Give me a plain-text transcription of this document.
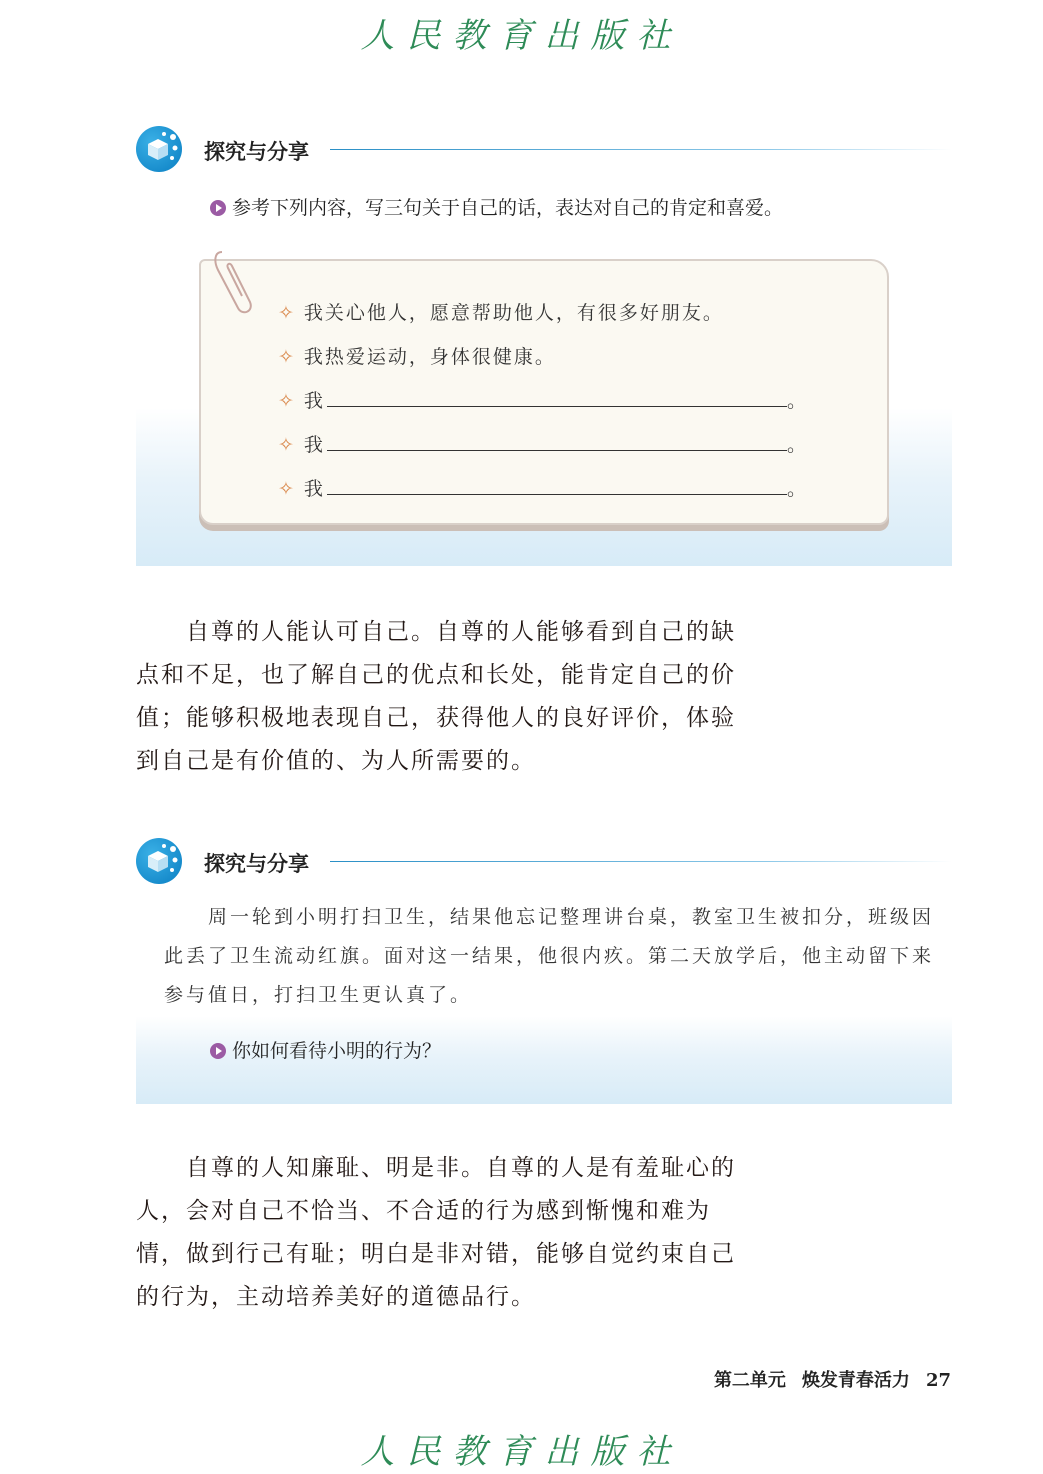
人民教育出版社
探究与分享
参考下列内容，写三句关于自己的话，表达对自己的肯定和喜爱。
✧ 我关心他人，愿意帮助他人，有很多好朋友。
✧ 我热爱运动，身体很健康。
✧ 我	。
✧ 我	。
✧ 我	。
自尊的人能认可自己。自尊的人能够看到自己的缺点和不足，也了解自己的优点和长处，能肯定自己的价值；能够积极地表现自己，获得他人的良好评价，体验到自己是有价值的、为人所需要的。
探究与分享
周一轮到小明打扫卫生，结果他忘记整理讲台桌，教室卫生被扣分，班级因此丢了卫生流动红旗。面对这一结果，他很内疚。第二天放学后，他主动留下来参与值日，打扫卫生更认真了。
你如何看待小明的行为？
自尊的人知廉耻、明是非。自尊的人是有羞耻心的人，会对自己不恰当、不合适的行为感到惭愧和难为情，做到行己有耻；明白是非对错，能够自觉约束自己的行为，主动培养美好的道德品行。
第二单元 焕发青春活力 27
人民教育出版社
